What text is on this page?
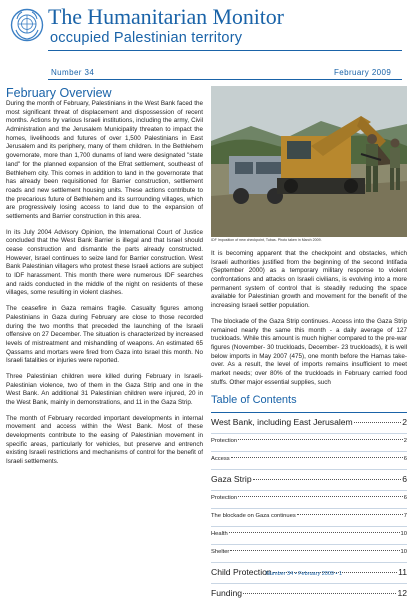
The Humanitarian Monitor
occupied Palestinian territory
Number 34	February 2009
February Overview

During the month of February, Palestinians in the West Bank faced the most significant threat of displacement and dispossession of recent months. Actions by various Israeli institutions, including the army, Civil Administration and the Jerusalem Municipality threaten to impact the homes, livelihoods and futures of over 1,500 Palestinians in East Jerusalem and its periphery, many of them children. In the Bethlehem governorate, more than 1,700 dunams of land were designated "state land" for the planned expansion of the Efrat settlement, southeast of Bethlehem city. This comes in addition to land in the governorate that has already been requisitioned for Barrier construction, settlement roads and new settlement housing units. These actions contribute to the precarious future of Bethlehem and its surrounding villages, which are progressively losing access to land due to the expansion of settlements and Barrier construction in this area.

In its July 2004 Advisory Opinion, the International Court of Justice concluded that the West Bank Barrier is illegal and that Israel should cease construction and dismantle the parts already constructed. However, Israel continues to seize land for Barrier construction. West Bank Palestinian villagers who protest these Israeli actions are subject to IDF harassment. This month there were numerous IDF searches and raids conducted in the middle of the night on residents of these villages, some resulting in violent clashes.

The ceasefire in Gaza remains fragile. Casualty figures among Palestinians in Gaza during February are close to those recorded during the two months that preceded the launching of the Israeli offensive on 27 December. The situation is characterized by increased levels of mistreatment and mishandling of weapons. An estimated 65 Qassams and mortars were fired from Gaza into Israel this month. No Israeli fatalities or injuries were reported.

Three Palestinian children were killed during February in Israeli-Palestinian violence, two of them in the Gaza Strip and one in the West Bank. An additional 31 Palestinian children were injured, 20 in the West Bank, mainly in demonstrations, and 11 in the Gaza Strip.

The month of February recorded important developments in internal movement and access within the West Bank. Most of these developments contribute to the easing of Palestinian movement in specific areas, particularly for vehicles, but preserve and entrench existing Israeli restrictions and mechanisms of control for the benefit of Israeli settlements.

IDF Imposition of new checkpoint, Tubas. Photo taken in March 2009.

It is becoming apparent that the checkpoint and obstacles, which Israeli authorities justified from the beginning of the second Intifada (September 2000) as a temporary military response to violent confrontations and attacks on Israeli civilians, is evolving into a more permanent system of control that is steadily reducing the space available for Palestinian growth and movement for the benefit of the increasing Israeli settler population.

The blockade of the Gaza Strip continues. Access into the Gaza Strip remained nearly the same this month - a daily average of 127 truckloads. While this amount is much higher compared to the pre-war figures (November- 30 truckloads, December- 23 truckloads), it is well below imports in May 2007 (475), one month before the Hamas take-over. As a result, the level of imports remains insufficient to meet market needs; over 80% of the truckloads in February carried food stuffs. Other major essential supplies, such

Table of Contents
West Bank, including East Jerusalem	2
Protection	2
Access	6
Gaza Strip	6
Protection	6
The blockade on Gaza continues	7
Health	10
Shelter	10
Child Protection	11
Funding	12
Number 34 • February 2009 • 1
